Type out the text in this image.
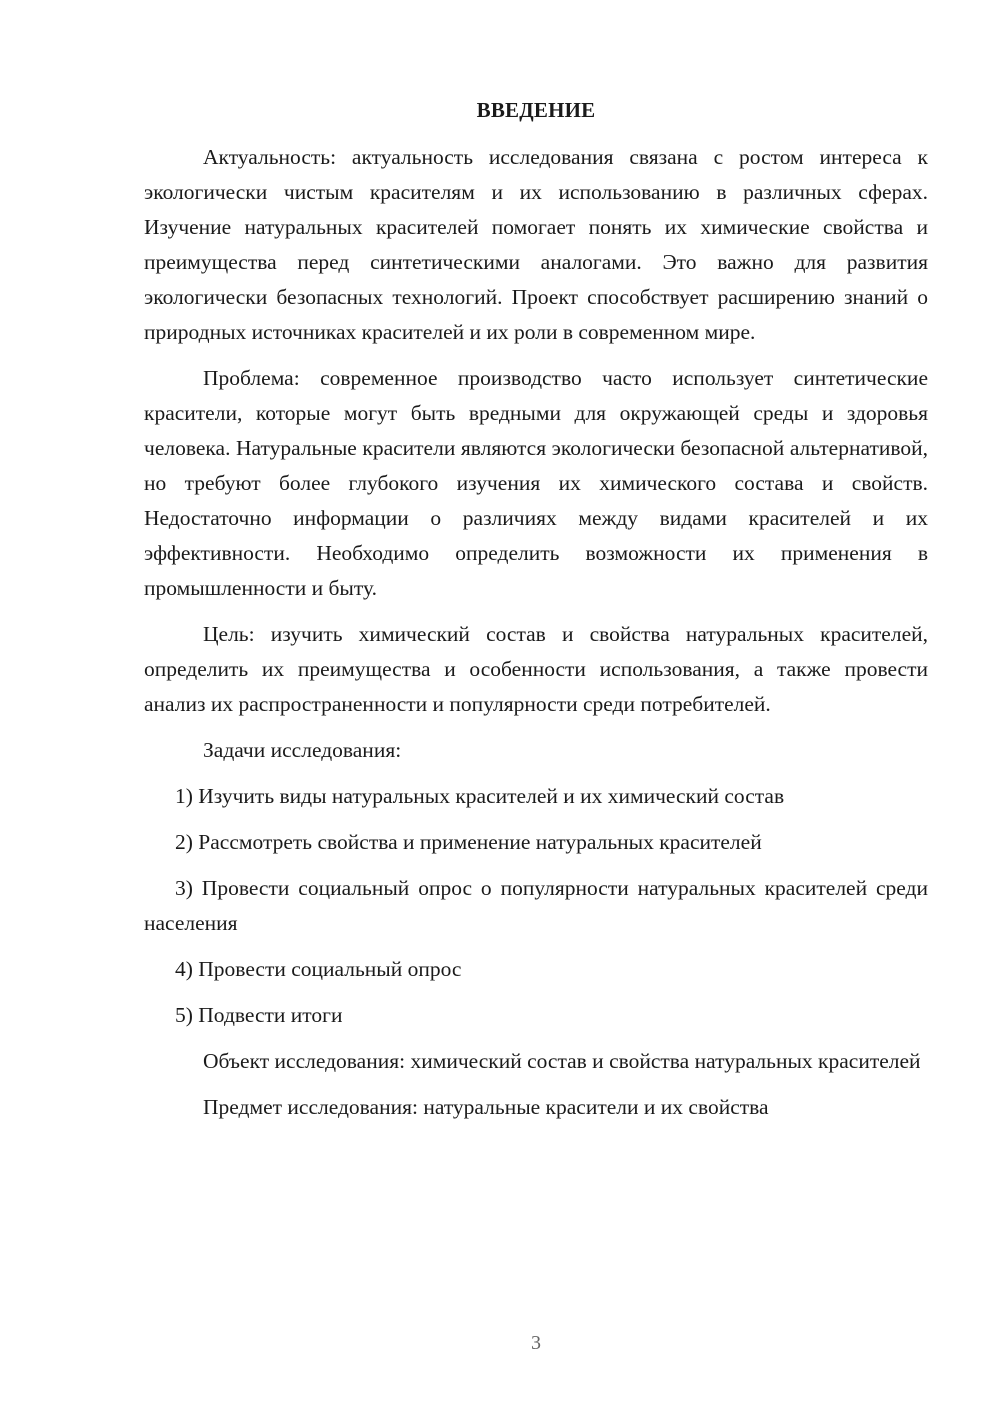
ВВЕДЕНИЕ

Актуальность: актуальность исследования связана с ростом интереса к экологически чистым красителям и их использованию в различных сферах. Изучение натуральных красителей помогает понять их химические свойства и преимущества перед синтетическими аналогами. Это важно для развития экологически безопасных технологий. Проект способствует расширению знаний о природных источниках красителей и их роли в современном мире.

Проблема: современное производство часто использует синтетические красители, которые могут быть вредными для окружающей среды и здоровья человека. Натуральные красители являются экологически безопасной альтернативой, но требуют более глубокого изучения их химического состава и свойств. Недостаточно информации о различиях между видами красителей и их эффективности. Необходимо определить возможности их применения в промышленности и быту.

Цель: изучить химический состав и свойства натуральных красителей, определить их преимущества и особенности использования, а также провести анализ их распространенности и популярности среди потребителей.

Задачи исследования:

1) Изучить виды натуральных красителей и их химический состав

2) Рассмотреть свойства и применение натуральных красителей

3) Провести социальный опрос о популярности натуральных красителей среди населения

4) Провести социальный опрос

5) Подвести итоги

Объект исследования: химический состав и свойства натуральных красителей

Предмет исследования: натуральные красители и их свойства

3
